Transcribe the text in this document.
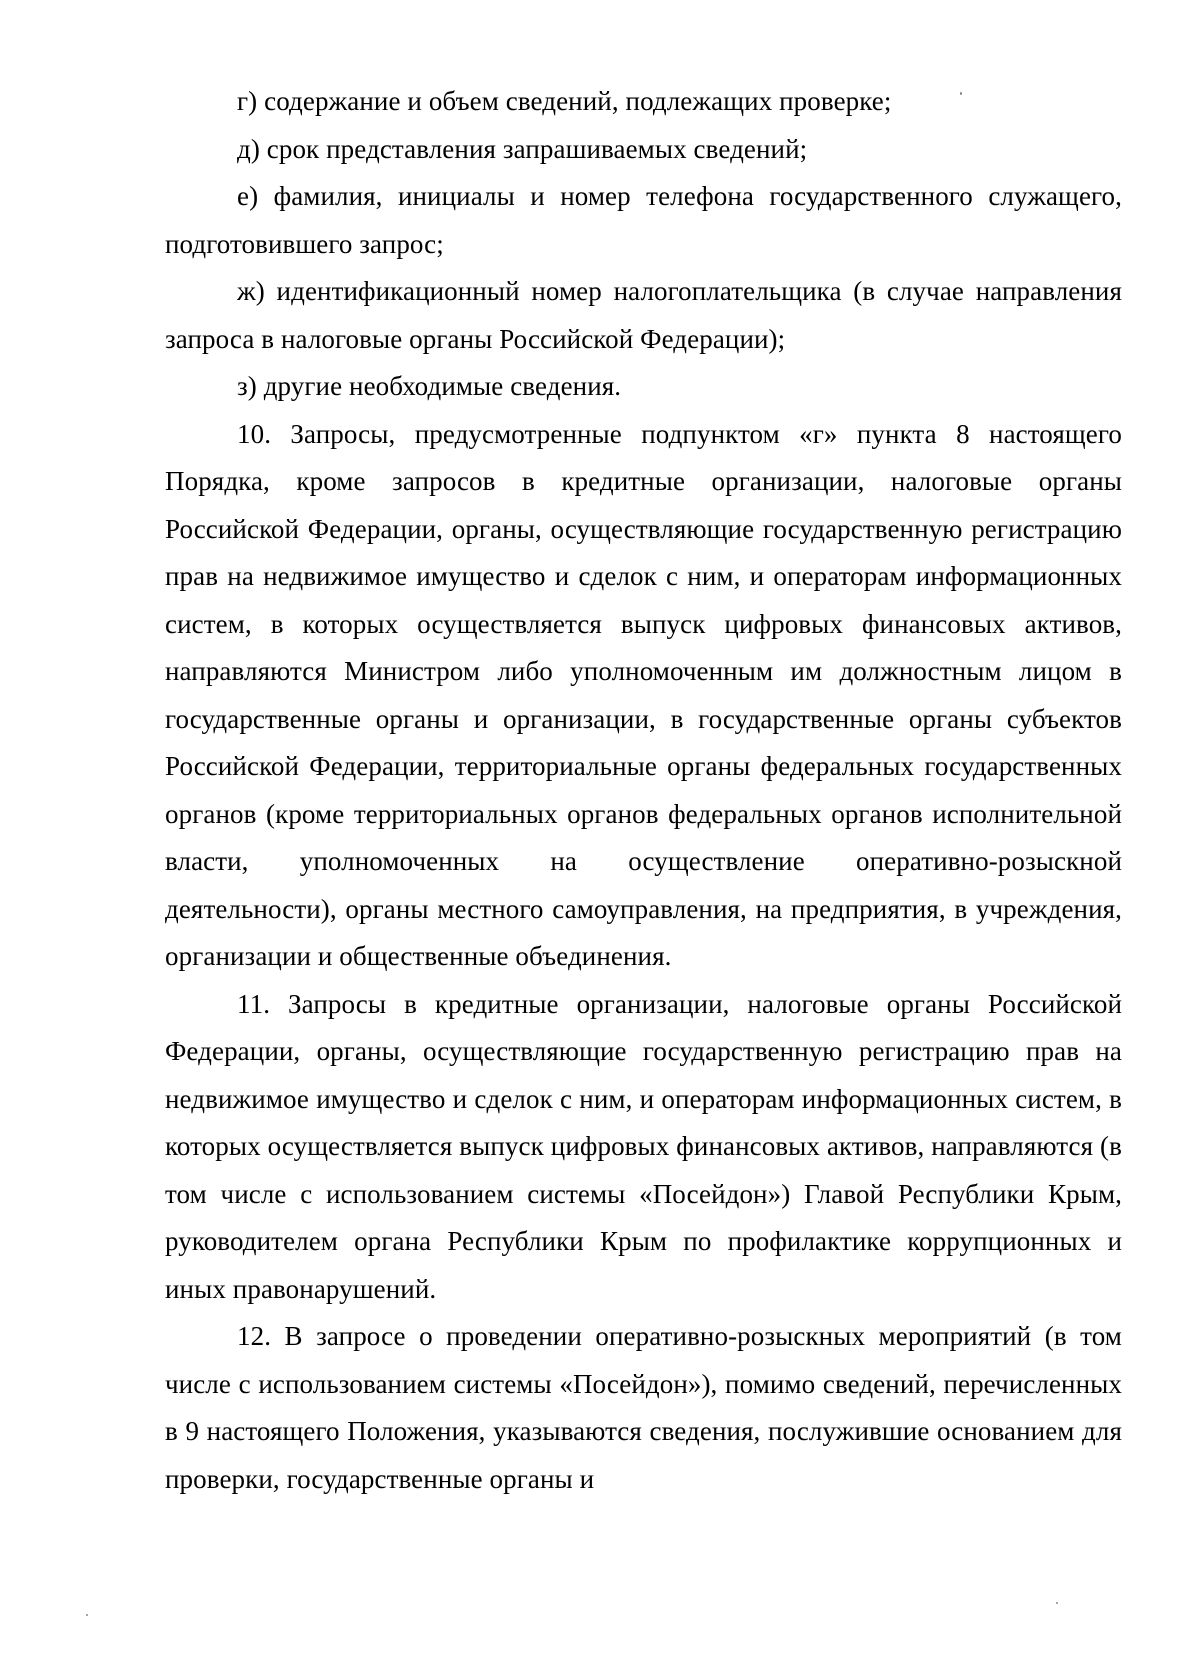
г) содержание и объем сведений, подлежащих проверке;

д) срок представления запрашиваемых сведений;

е) фамилия, инициалы и номер телефона государственного служащего, подготовившего запрос;

ж) идентификационный номер налогоплательщика (в случае направления запроса в налоговые органы Российской Федерации);

з) другие необходимые сведения.

10. Запросы, предусмотренные подпунктом «г» пункта 8 настоящего Порядка, кроме запросов в кредитные организации, налоговые органы Российской Федерации, органы, осуществляющие государственную регистрацию прав на недвижимое имущество и сделок с ним, и операторам информационных систем, в которых осуществляется выпуск цифровых финансовых активов, направляются Министром либо уполномоченным им должностным лицом в государственные органы и организации, в государственные органы субъектов Российской Федерации, территориальные органы федеральных государственных органов (кроме территориальных органов федеральных органов исполнительной власти, уполномоченных на осуществление оперативно-розыскной деятельности), органы местного самоуправления, на предприятия, в учреждения, организации и общественные объединения.

11. Запросы в кредитные организации, налоговые органы Российской Федерации, органы, осуществляющие государственную регистрацию прав на недвижимое имущество и сделок с ним, и операторам информационных систем, в которых осуществляется выпуск цифровых финансовых активов, направляются (в том числе с использованием системы «Посейдон») Главой Республики Крым, руководителем органа Республики Крым по профилактике коррупционных и иных правонарушений.

12. В запросе о проведении оперативно-розыскных мероприятий (в том числе с использованием системы «Посейдон»), помимо сведений, перечисленных в 9 настоящего Положения, указываются сведения, послужившие основанием для проверки, государственные органы и
